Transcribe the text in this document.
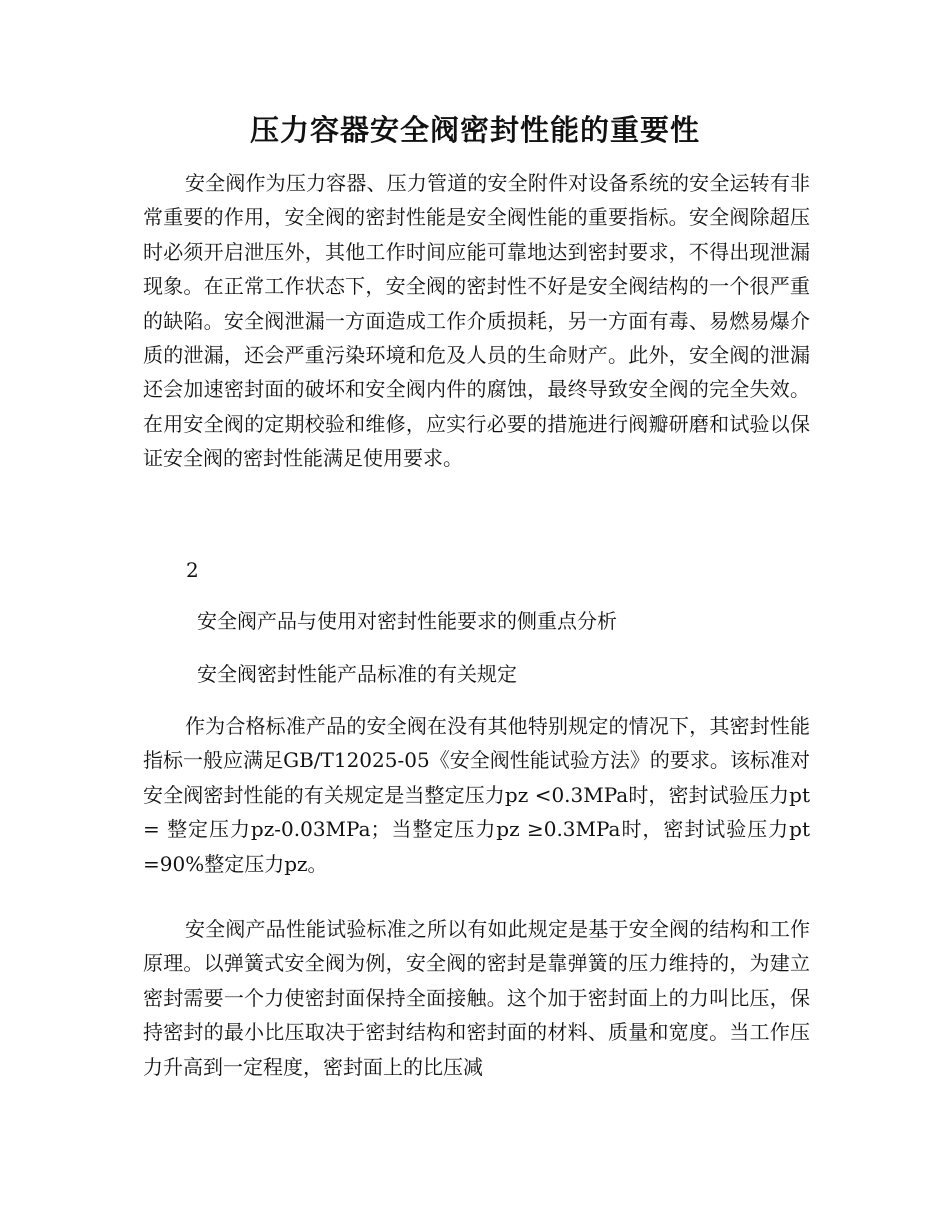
压力容器安全阀密封性能的重要性

安全阀作为压力容器、压力管道的安全附件对设备系统的安全运转有非常重要的作用，安全阀的密封性能是安全阀性能的重要指标。安全阀除超压时必须开启泄压外，其他工作时间应能可靠地达到密封要求，不得出现泄漏现象。在正常工作状态下，安全阀的密封性不好是安全阀结构的一个很严重的缺陷。安全阀泄漏一方面造成工作介质损耗，另一方面有毒、易燃易爆介质的泄漏，还会严重污染环境和危及人员的生命财产。此外，安全阀的泄漏还会加速密封面的破坏和安全阀内件的腐蚀，最终导致安全阀的完全失效。在用安全阀的定期校验和维修，应实行必要的措施进行阀瓣研磨和试验以保证安全阀的密封性能满足使用要求。

2

安全阀产品与使用对密封性能要求的侧重点分析

安全阀密封性能产品标准的有关规定

作为合格标准产品的安全阀在没有其他特别规定的情况下，其密封性能指标一般应满足GB/T12025-05《安全阀性能试验方法》的要求。该标准对安全阀密封性能的有关规定是当整定压力pz <0.3MPa时，密封试验压力pt = 整定压力pz-0.03MPa；当整定压力pz ≥0.3MPa时，密封试验压力pt =90%整定压力pz。

安全阀产品性能试验标准之所以有如此规定是基于安全阀的结构和工作原理。以弹簧式安全阀为例，安全阀的密封是靠弹簧的压力维持的，为建立密封需要一个力使密封面保持全面接触。这个加于密封面上的力叫比压，保持密封的最小比压取决于密封结构和密封面的材料、质量和宽度。当工作压力升高到一定程度，密封面上的比压减
